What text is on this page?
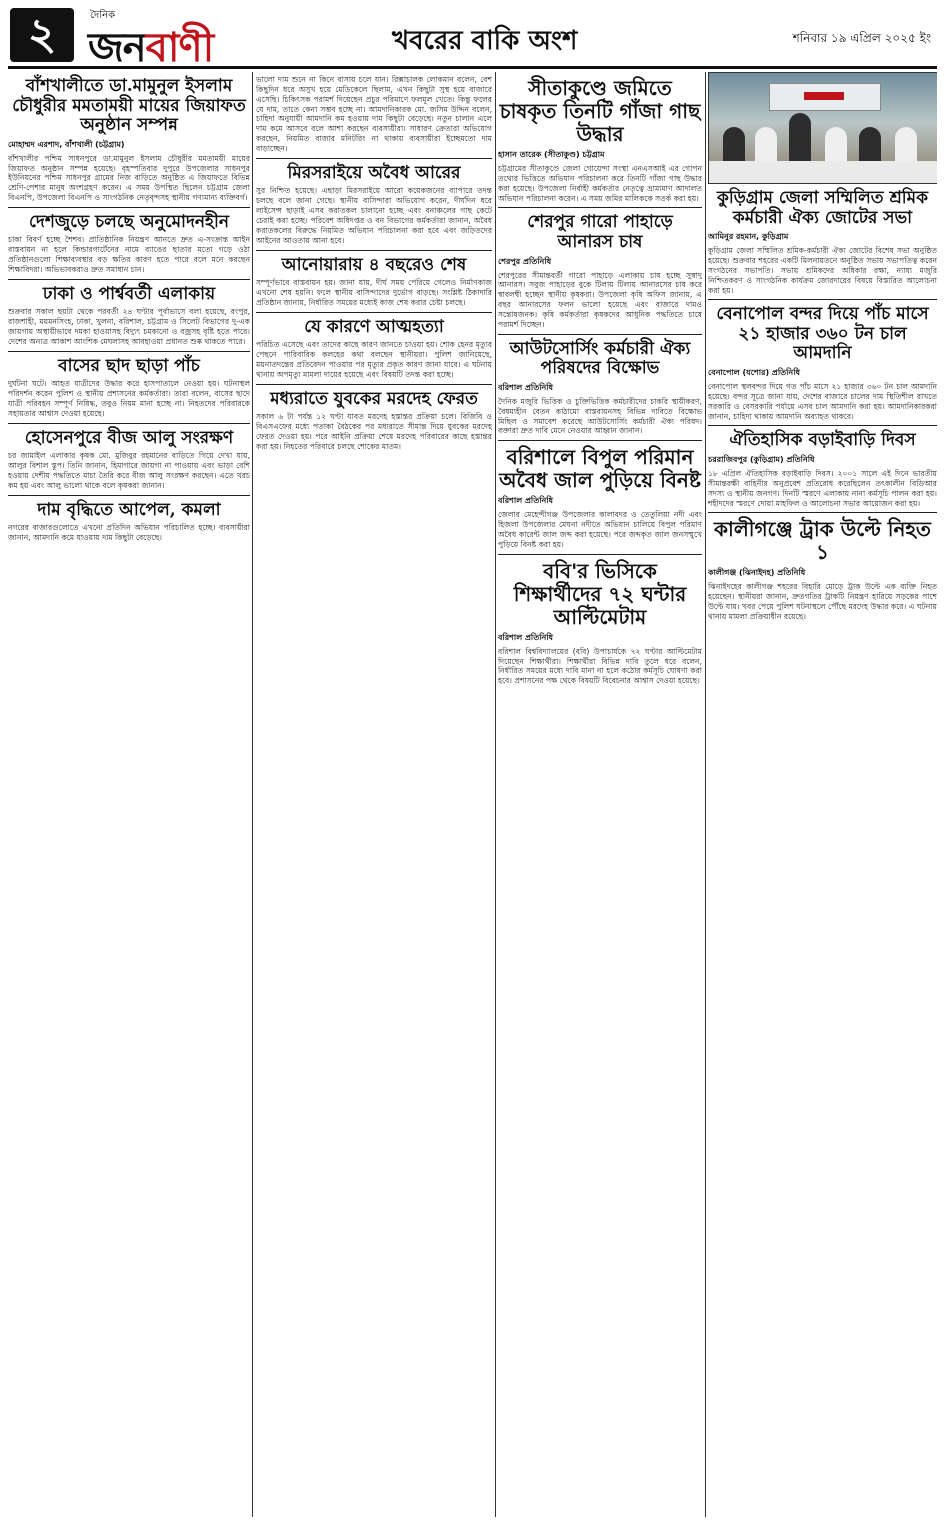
২	দৈনিক
জনবাণী	খবরের বাকি অংশ	শনিবার ১৯ এপ্রিল ২০২৫ ইং
বাঁশখালীতে ডা.মামুনুল ইসলাম চৌধুরীর মমতাময়ী মায়ের জিয়াফত অনুষ্ঠান সম্পন্ন
মোহাম্মদ এরশাদ, বাঁশখালী (চট্টগ্রাম)

বাঁশখালীর পশ্চিম সাধনপুরে ডা.মামুনুল ইসলাম চৌধুরীর মমতাময়ী মায়ের জিয়াফত অনুষ্ঠান সম্পন্ন হয়েছে। বৃহস্পতিবার দুপুরে উপজেলার সাধনপুর ইউনিয়নের পশ্চিম সাধনপুর গ্রামের নিজ বাড়িতে অনুষ্ঠিত এ জিয়াফতে বিভিন্ন শ্রেণি-পেশার মানুষ অংশগ্রহণ করেন। এ সময় উপস্থিত ছিলেন চট্টগ্রাম জেলা বিএনপি, উপজেলা বিএনপি ও সাংগঠনিক নেতৃবৃন্দসহ স্থানীয় গণ্যমান্য ব্যক্তিবর্গ।

দেশজুড়ে চলছে অনুমোদনহীন

চাকা বিবর্ণ হচ্ছে শৈশব। প্রাতিষ্ঠানিক নিয়ন্ত্রণ আনতে দ্রুত এ-সংক্রান্ত আইন বাস্তবায়ন না হলে কিন্ডারগার্টেনের নামে ব্যাঙের ছাতার মতো গড়ে ওঠা প্রতিষ্ঠানগুলো শিক্ষাব্যবস্থার বড় ক্ষতির কারণ হতে পারে বলে মনে করছেন শিক্ষাবিদরা। অভিভাবকরাও দ্রুত সমাধান চান।

ঢাকা ও পার্শ্ববর্তী এলাকায়

শুক্রবার সকাল ছয়টা থেকে পরবর্তী ২৪ ঘণ্টার পূর্বাভাসে বলা হয়েছে, রংপুর, রাজশাহী, ময়মনসিংহ, ঢাকা, খুলনা, বরিশাল, চট্টগ্রাম ও সিলেট বিভাগের দু-এক জায়গায় অস্থায়ীভাবে দমকা হাওয়াসহ বিদ্যুৎ চমকানো ও বজ্রসহ বৃষ্টি হতে পারে। দেশের অন্যত্র আকাশ আংশিক মেঘলাসহ আবহাওয়া প্রধানত শুষ্ক থাকতে পারে।

বাসের ছাদ ছাড়া পাঁচ

দুর্ঘটনা ঘটে। আহত যাত্রীদের উদ্ধার করে হাসপাতালে নেওয়া হয়। ঘটনাস্থল পরিদর্শন করেন পুলিশ ও স্থানীয় প্রশাসনের কর্মকর্তারা। তারা বলেন, বাসের ছাদে যাত্রী পরিবহন সম্পূর্ণ নিষিদ্ধ, তবুও নিয়ম মানা হচ্ছে না। নিহতদের পরিবারকে সহায়তার আশ্বাস দেওয়া হয়েছে।

হোসেনপুরে বীজ আলু সংরক্ষণ

চর জামাইল এলাকার কৃষক মো. মুজিবুর রহমানের বাড়িতে গিয়ে দেখা যায়, আলুর বিশাল স্তূপ। তিনি জানান, হিমাগারে জায়গা না পাওয়ায় এবং ভাড়া বেশি হওয়ায় দেশীয় পদ্ধতিতে মাচা তৈরি করে বীজ আলু সংরক্ষণ করছেন। এতে খরচ কম হয় এবং আলু ভালো থাকে বলে কৃষকরা জানান।

দাম বৃদ্ধিতে আপেল, কমলা

নগরের বাজারগুলোতে এখনো প্রতিদিন অভিযান পরিচালিত হচ্ছে। ব্যবসায়ীরা জানান, আমদানি কমে যাওয়ায় দাম কিছুটা বেড়েছে।

ভালো দাম শুনে না কিনে বাসায় চলে যান। রিক্সাচালক লোকমান বলেন, বেশ কিছুদিন ধরে অসুখ হয়ে মেডিকেলে ছিলাম, এখন কিছুটা সুস্থ হয়ে বাজারে এসেছি। চিকিৎসক পরামর্শ দিয়েছেন প্রচুর পরিমাণে ফলমূল খেতে। কিন্তু ফলের যে দাম, তাতে কেনা সম্ভব হচ্ছে না। আমদানিকারক মো. জসিম উদ্দিন বলেন, চাহিদা অনুযায়ী আমদানি কম হওয়ায় দাম কিছুটা বেড়েছে। নতুন চালান এলে দাম কমে আসবে বলে আশা করছেন ব্যবসায়ীরা। সাধারণ ক্রেতারা অভিযোগ করছেন, নিয়মিত বাজার মনিটরিং না থাকায় ব্যবসায়ীরা ইচ্ছেমতো দাম বাড়াচ্ছেন।

মিরসরাইয়ে অবৈধ আরের

সুর নিশ্চিত হয়েছে। এছাড়া মিরসরাইয়ে আরো কয়েকজনের ব্যাপারে তদন্ত চলছে বলে জানা গেছে। স্থানীয় বাসিন্দারা অভিযোগ করেন, দীর্ঘদিন ধরে লাইসেন্স ছাড়াই এসব করাতকল চালানো হচ্ছে এবং বনাঞ্চলের গাছ কেটে চেরাই করা হচ্ছে। পরিবেশ অধিদপ্তর ও বন বিভাগের কর্মকর্তারা জানান, অবৈধ করাতকলের বিরুদ্ধে নিয়মিত অভিযান পরিচালনা করা হবে এবং জড়িতদের আইনের আওতায় আনা হবে।

আনোয়ারায় ৪ বছরেও শেষ

সম্পূর্ণভাবে বাস্তবায়ন হয়। জানা যায়, দীর্ঘ সময় পেরিয়ে গেলেও নির্মাণকাজ এখনো শেষ হয়নি। ফলে স্থানীয় বাসিন্দাদের দুর্ভোগ বাড়ছে। সংশ্লিষ্ট ঠিকাদারি প্রতিষ্ঠান জানায়, নির্ধারিত সময়ের মধ্যেই কাজ শেষ করার চেষ্টা চলছে।

যে কারণে আত্মহত্যা

পরিচিত এসেছে এবং তাদের কাছে কারণ জানতে চাওয়া হয়। শোক হেনর মৃত্যুর পেছনে পারিবারিক কলহের কথা বলছেন স্থানীয়রা। পুলিশ জানিয়েছে, ময়নাতদন্তের প্রতিবেদন পাওয়ার পর মৃত্যুর প্রকৃত কারণ জানা যাবে। এ ঘটনায় থানায় অপমৃত্যু মামলা দায়ের হয়েছে এবং বিষয়টি তদন্ত করা হচ্ছে।

মধ্যরাতে যুবকের মরদেহ ফেরত

সকাল ৬ টা পর্যন্ত ১২ ঘণ্টা যাবত মরদেহ হস্তান্তর প্রক্রিয়া চলে। বিজিবি ও বিএসএফের মধ্যে পতাকা বৈঠকের পর মধ্যরাতে সীমান্ত দিয়ে যুবকের মরদেহ ফেরত দেওয়া হয়। পরে আইনি প্রক্রিয়া শেষে মরদেহ পরিবারের কাছে হস্তান্তর করা হয়। নিহতের পরিবারে চলছে শোকের মাতম।

সীতাকুণ্ডে জমিতে চাষকৃত তিনটি গাঁজা গাছ উদ্ধার
হাসান তারেক (সীতাকুণ্ড) চট্টগ্রাম

চট্টগ্রামের সীতাকুণ্ডে জেলা গোয়েন্দা সংস্থা এনএসআই এর গোপন তথ্যের ভিত্তিতে অভিযান পরিচালনা করে তিনটি গাঁজা গাছ উদ্ধার করা হয়েছে। উপজেলা নির্বাহী কর্মকর্তার নেতৃত্বে ভ্রাম্যমাণ আদালত অভিযান পরিচালনা করেন। এ সময় জমির মালিককে সতর্ক করা হয়।

শেরপুর গারো পাহাড়ে আনারস চাষ
শেরপুর প্রতিনিধি

শেরপুরের সীমান্তবর্তী গারো পাহাড়ে এলাকায় চাষ হচ্ছে সুস্বাদু আনারস। সবুজ পাহাড়ের বুকে টিলায় টিলায় আনারসের চাষ করে স্বাবলম্বী হচ্ছেন স্থানীয় কৃষকরা। উপজেলা কৃষি অফিস জানায়, এ বছর আনারসের ফলন ভালো হয়েছে এবং বাজারে দামও সন্তোষজনক। কৃষি কর্মকর্তারা কৃষকদের আধুনিক পদ্ধতিতে চাষে পরামর্শ দিচ্ছেন।

আউটসোর্সিং কর্মচারী ঐক্য পরিষদের বিক্ষোভ
বরিশাল প্রতিনিধি

দৈনিক মজুরি ভিত্তিক ও চুক্তিভিত্তিক কর্মচারীদের চাকরি স্থায়ীকরণ, বৈষম্যহীন বেতন কাঠামো বাস্তবায়নসহ বিভিন্ন দাবিতে বিক্ষোভ মিছিল ও সমাবেশ করেছে আউটসোর্সিং কর্মচারী ঐক্য পরিষদ। বক্তারা দ্রুত দাবি মেনে নেওয়ার আহ্বান জানান।

বরিশালে বিপুল পরিমান অবৈধ জাল পুড়িয়ে বিনষ্ট
বরিশাল প্রতিনিধি

জেলার মেহেন্দীগঞ্জ উপজেলার কালাবদর ও তেতুলিয়া নদী এবং হিজলা উপজেলার মেঘনা নদীতে অভিযান চালিয়ে বিপুল পরিমাণ অবৈধ কারেন্ট জাল জব্দ করা হয়েছে। পরে জব্দকৃত জাল জনসম্মুখে পুড়িয়ে বিনষ্ট করা হয়।

ববি'র ভিসিকে শিক্ষার্থীদের ৭২ ঘন্টার আল্টিমেটাম
বরিশাল প্রতিনিধি

বরিশাল বিশ্ববিদ্যালয়ের (ববি) উপাচার্যকে ৭২ ঘণ্টার আল্টিমেটাম দিয়েছেন শিক্ষার্থীরা। শিক্ষার্থীরা বিভিন্ন দাবি তুলে ধরে বলেন, নির্ধারিত সময়ের মধ্যে দাবি মানা না হলে কঠোর কর্মসূচি ঘোষণা করা হবে। প্রশাসনের পক্ষ থেকে বিষয়টি বিবেচনার আশ্বাস দেওয়া হয়েছে।

কুড়িগ্রাম জেলা সম্মিলিত শ্রমিক কর্মচারী ঐক্য জোটের সভা
আমিনুর রহমান, কুড়িগ্রাম

কুড়িগ্রাম জেলা সম্মিলিত শ্রমিক-কর্মচারী ঐক্য জোটের বিশেষ সভা অনুষ্ঠিত হয়েছে। শুক্রবার শহরের একটি মিলনায়তনে অনুষ্ঠিত সভায় সভাপতিত্ব করেন সংগঠনের সভাপতি। সভায় শ্রমিকদের অধিকার রক্ষা, ন্যায্য মজুরি নিশ্চিতকরণ ও সাংগঠনিক কার্যক্রম জোরদারের বিষয়ে বিস্তারিত আলোচনা করা হয়।

বেনাপোল বন্দর দিয়ে পাঁচ মাসে ২১ হাজার ৩৬০ টন চাল আমদানি
বেনাপোল (যশোর) প্রতিনিধি

বেনাপোল স্থলবন্দর দিয়ে গত পাঁচ মাসে ২১ হাজার ৩৬০ টন চাল আমদানি হয়েছে। বন্দর সূত্রে জানা যায়, দেশের বাজারে চালের দাম স্থিতিশীল রাখতে সরকারি ও বেসরকারি পর্যায়ে এসব চাল আমদানি করা হয়। আমদানিকারকরা জানান, চাহিদা থাকায় আমদানি অব্যাহত থাকবে।

ঐতিহাসিক বড়াইবাড়ি দিবস
চররাজিবপুর (কুড়িগ্রাম) প্রতিনিধি

১৮ এপ্রিল ঐতিহাসিক বড়াইবাড়ি দিবস। ২০০১ সালে এই দিনে ভারতীয় সীমান্তরক্ষী বাহিনীর অনুপ্রবেশ প্রতিরোধ করেছিলেন তৎকালীন বিডিআর সদস্য ও স্থানীয় জনগণ। দিনটি স্মরণে এলাকায় নানা কর্মসূচি পালন করা হয়। শহীদদের স্মরণে দোয়া মাহফিল ও আলোচনা সভার আয়োজন করা হয়।

কালীগঞ্জে ট্রাক উল্টে নিহত ১
কালীগঞ্জ (ঝিনাইদহ) প্রতিনিধি

ঝিনাইদহের কালীগঞ্জ শহরের বিহারি মোড়ে ট্রাক উল্টে এক ব্যক্তি নিহত হয়েছেন। স্থানীয়রা জানান, দ্রুতগতির ট্রাকটি নিয়ন্ত্রণ হারিয়ে সড়কের পাশে উল্টে যায়। খবর পেয়ে পুলিশ ঘটনাস্থলে পৌঁছে মরদেহ উদ্ধার করে। এ ঘটনায় থানায় মামলা প্রক্রিয়াধীন রয়েছে।
